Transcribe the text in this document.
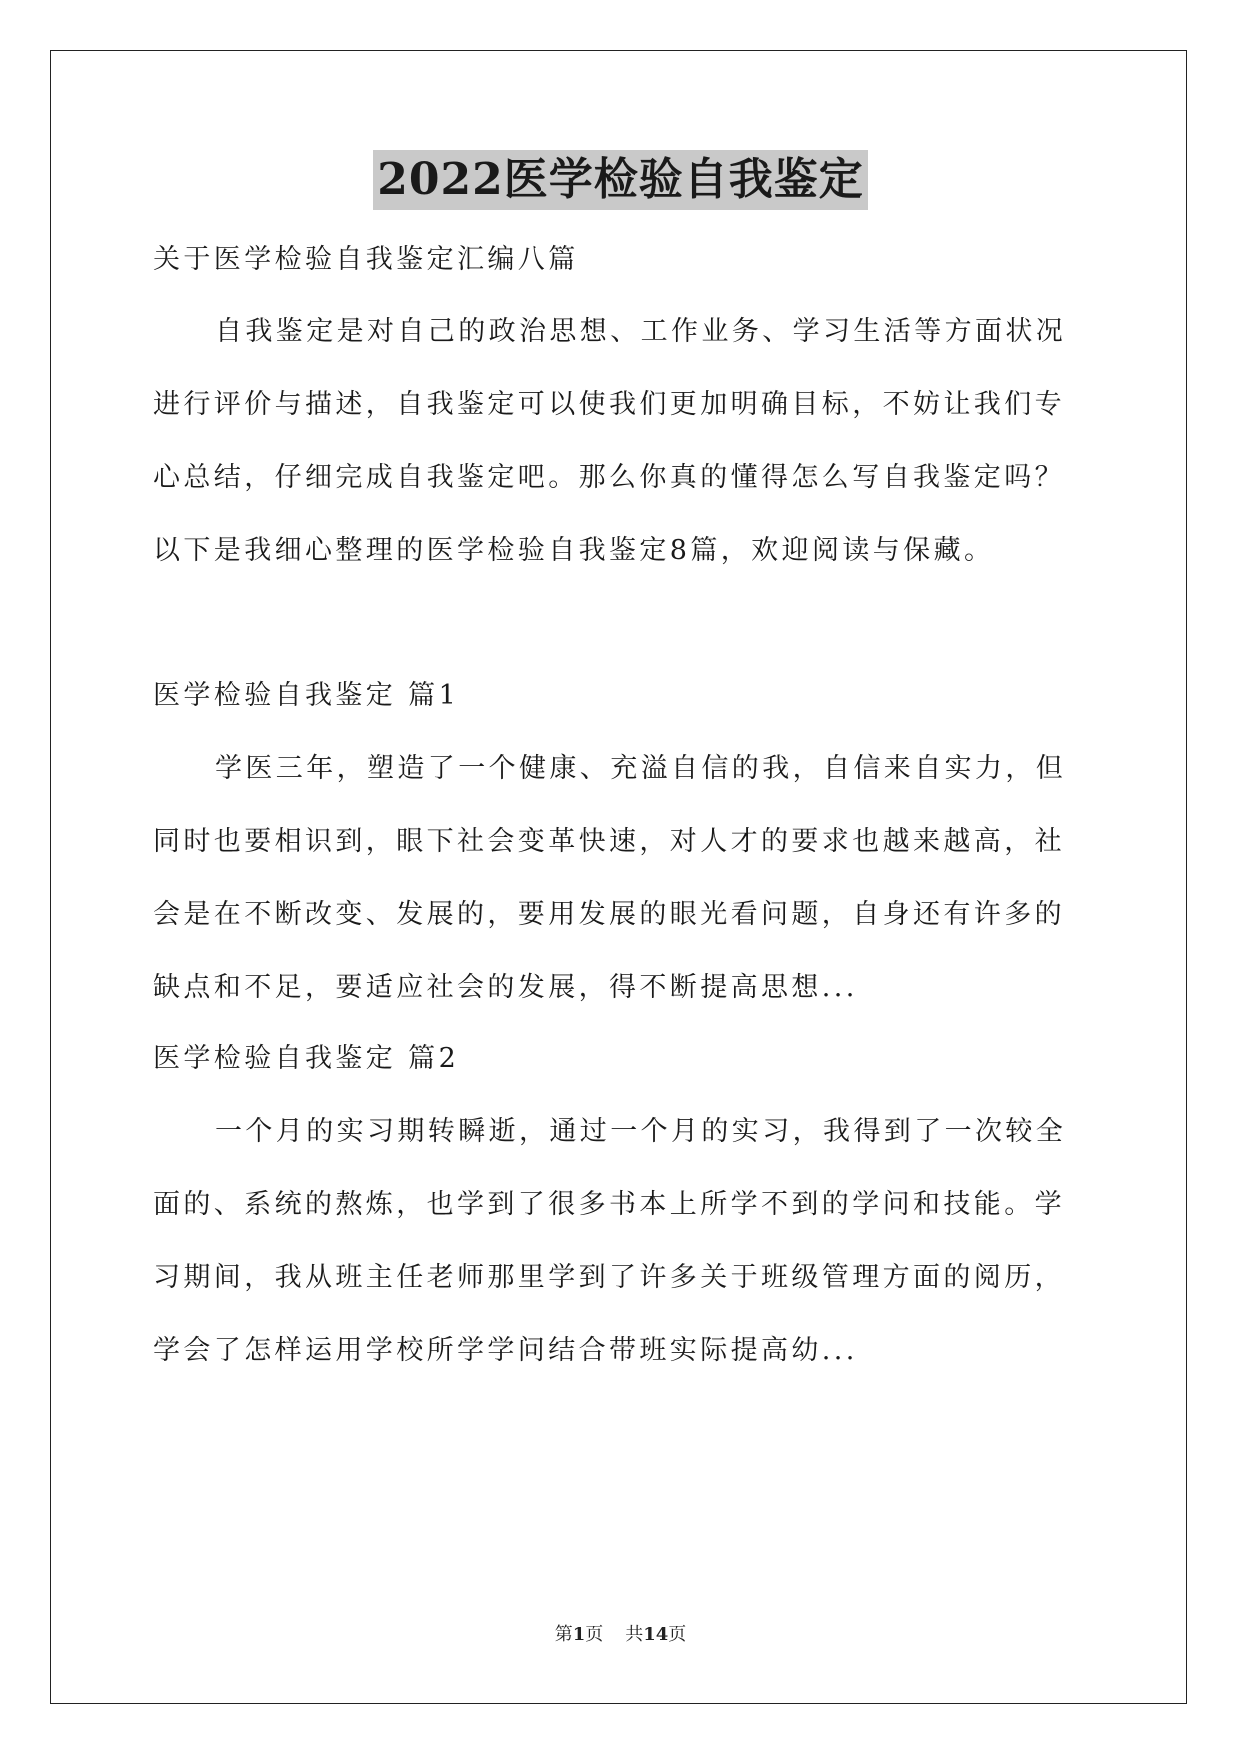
2022医学检验自我鉴定
关于医学检验自我鉴定汇编八篇
自我鉴定是对自己的政治思想、工作业务、学习生活等方面状况
进行评价与描述，自我鉴定可以使我们更加明确目标，不妨让我们专
心总结，仔细完成自我鉴定吧。那么你真的懂得怎么写自我鉴定吗？
以下是我细心整理的医学检验自我鉴定8篇，欢迎阅读与保藏。
医学检验自我鉴定 篇1
学医三年，塑造了一个健康、充溢自信的我，自信来自实力，但
同时也要相识到，眼下社会变革快速，对人才的要求也越来越高，社
会是在不断改变、发展的，要用发展的眼光看问题，自身还有许多的
缺点和不足，要适应社会的发展，得不断提高思想...
医学检验自我鉴定 篇2
一个月的实习期转瞬逝，通过一个月的实习，我得到了一次较全
面的、系统的熬炼，也学到了很多书本上所学不到的学问和技能。学
习期间，我从班主任老师那里学到了许多关于班级管理方面的阅历，
学会了怎样运用学校所学学问结合带班实际提高幼...
第1页 共14页
